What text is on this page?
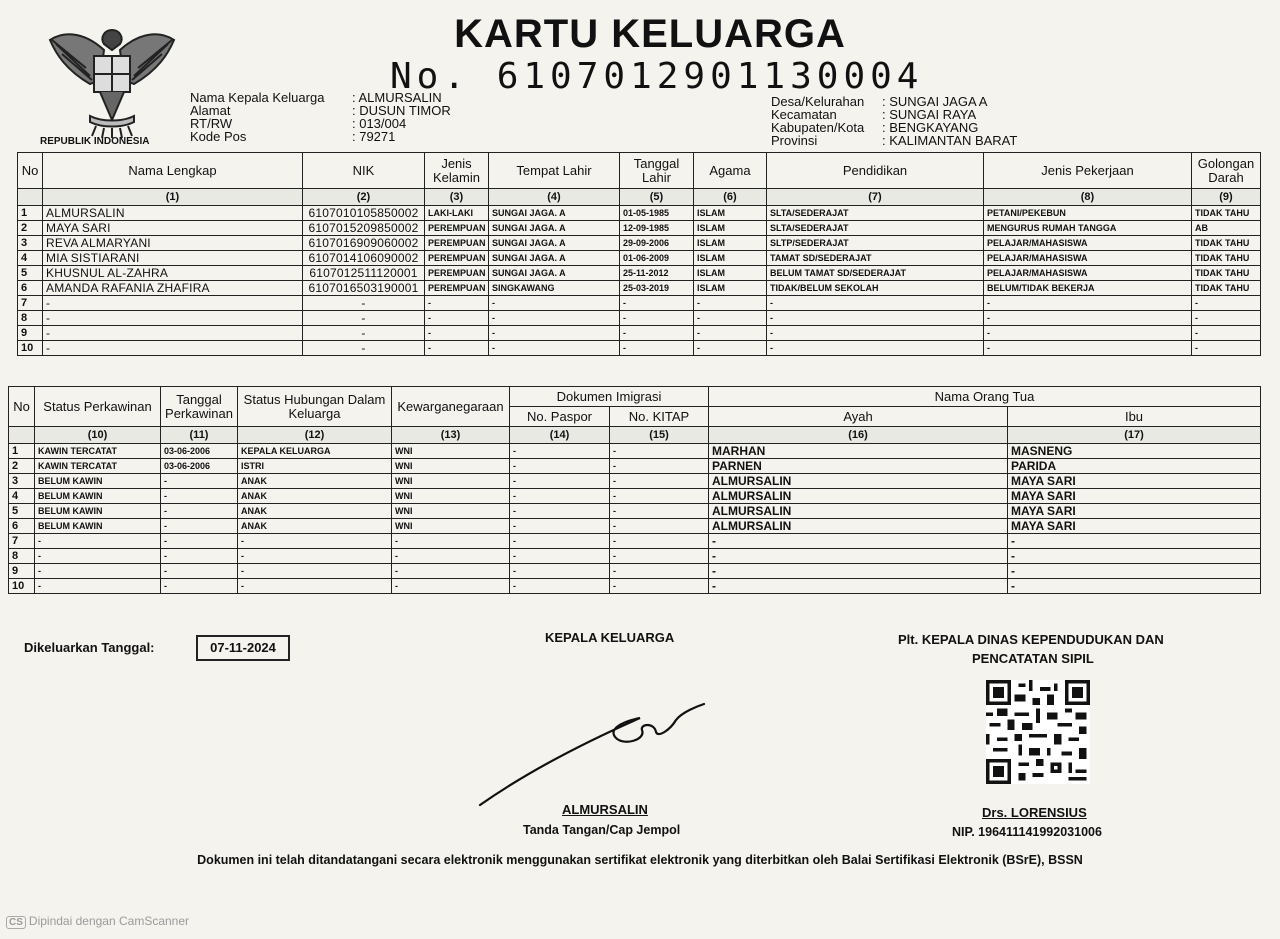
REPUBLIK INDONESIA
KARTU KELUARGA
No. 6107012901130004
Nama Kepala Keluarga : ALMURSALIN
Alamat	: DUSUN TIMOR
RT/RW	: 013/004
Kode Pos	: 79271
Desa/Kelurahan : SUNGAI JAGA A
Kecamatan	: SUNGAI RAYA
Kabupaten/Kota : BENGKAYANG
Provinsi	: KALIMANTAN BARAT
No	Nama Lengkap	NIK	Jenis Kelamin	Tempat Lahir	Tanggal Lahir	Agama	Pendidikan	Jenis Pekerjaan	Golongan Darah
	(1)	(2)	(3)	(4)	(5)	(6)	(7)	(8)	(9)
1	ALMURSALIN	6107010105850002	LAKI-LAKI	SUNGAI JAGA. A	01-05-1985	ISLAM	SLTA/SEDERAJAT	PETANI/PEKEBUN	TIDAK TAHU
2	MAYA SARI	6107015209850002	PEREMPUAN	SUNGAI JAGA. A	12-09-1985	ISLAM	SLTA/SEDERAJAT	MENGURUS RUMAH TANGGA	AB
3	REVA ALMARYANI	6107016909060002	PEREMPUAN	SUNGAI JAGA. A	29-09-2006	ISLAM	SLTP/SEDERAJAT	PELAJAR/MAHASISWA	TIDAK TAHU
4	MIA SISTIARANI	6107014106090002	PEREMPUAN	SUNGAI JAGA. A	01-06-2009	ISLAM	TAMAT SD/SEDERAJAT	PELAJAR/MAHASISWA	TIDAK TAHU
5	KHUSNUL AL-ZAHRA	6107012511120001	PEREMPUAN	SUNGAI JAGA. A	25-11-2012	ISLAM	BELUM TAMAT SD/SEDERAJAT	PELAJAR/MAHASISWA	TIDAK TAHU
6	AMANDA RAFANIA ZHAFIRA	6107016503190001	PEREMPUAN	SINGKAWANG	25-03-2019	ISLAM	TIDAK/BELUM SEKOLAH	BELUM/TIDAK BEKERJA	TIDAK TAHU
7	-	-	-	-	-	-	-	-	-
8	-	-	-	-	-	-	-	-	-
9	-	-	-	-	-	-	-	-	-
10	-	-	-	-	-	-	-	-	-
No	Status Perkawinan	Tanggal Perkawinan	Status Hubungan Dalam Keluarga	Kewarganegaraan	Dokumen Imigrasi		Nama Orang Tua	
					No. Paspor	No. KITAP	Ayah	Ibu
	(10)	(11)	(12)	(13)	(14)	(15)	(16)	(17)
1	KAWIN TERCATAT	03-06-2006	KEPALA KELUARGA	WNI	-	-	MARHAN	MASNENG
2	KAWIN TERCATAT	03-06-2006	ISTRI	WNI	-	-	PARNEN	PARIDA
3	BELUM KAWIN	-	ANAK	WNI	-	-	ALMURSALIN	MAYA SARI
4	BELUM KAWIN	-	ANAK	WNI	-	-	ALMURSALIN	MAYA SARI
5	BELUM KAWIN	-	ANAK	WNI	-	-	ALMURSALIN	MAYA SARI
6	BELUM KAWIN	-	ANAK	WNI	-	-	ALMURSALIN	MAYA SARI
7	-	-	-	-	-	-	-	-
8	-	-	-	-	-	-	-	-
9	-	-	-	-	-	-	-	-
10	-	-	-	-	-	-	-	-
Dikeluarkan Tanggal:	07-11-2024
KEPALA KELUARGA
ALMURSALIN
Tanda Tangan/Cap Jempol
Plt. KEPALA DINAS KEPENDUDUKAN DAN
PENCATATAN SIPIL
Drs. LORENSIUS
NIP. 196411141992031006
Dokumen ini telah ditandatangani secara elektronik menggunakan sertifikat elektronik yang diterbitkan oleh Balai Sertifikasi Elektronik (BSrE), BSSN
CS Dipindai dengan CamScanner
